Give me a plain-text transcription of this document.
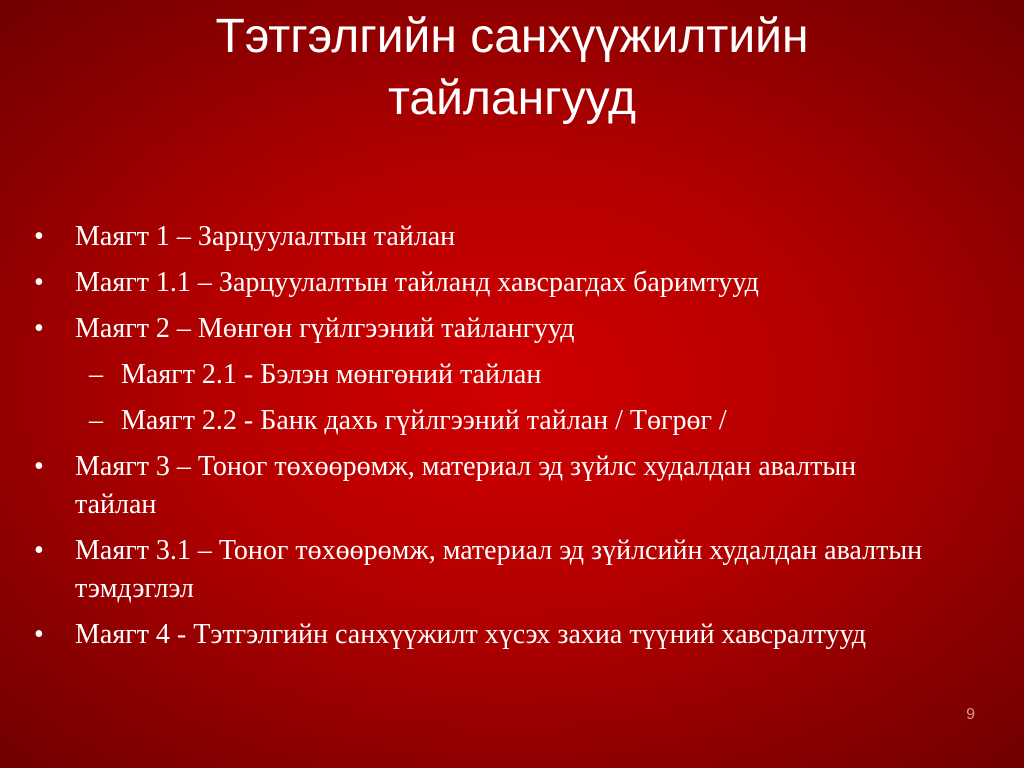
Тэтгэлгийн санхүүжилтийн
тайлангууд
•	Маягт 1 – Зарцуулалтын тайлан
•	Маягт 1.1 – Зарцуулалтын тайланд хавсрагдах баримтууд
•	Маягт 2 – Мөнгөн гүйлгээний тайлангууд
– Маягт 2.1 - Бэлэн мөнгөний тайлан
– Маягт 2.2 - Банк дахь гүйлгээний тайлан / Төгрөг /
•	Маягт 3 – Тоног төхөөрөмж, материал эд зүйлс худалдан авалтын тайлан
•	Маягт 3.1 – Тоног төхөөрөмж, материал эд зүйлсийн худалдан авалтын тэмдэглэл
•	Маягт 4 - Тэтгэлгийн санхүүжилт хүсэх захиа түүний хавсралтууд
9
